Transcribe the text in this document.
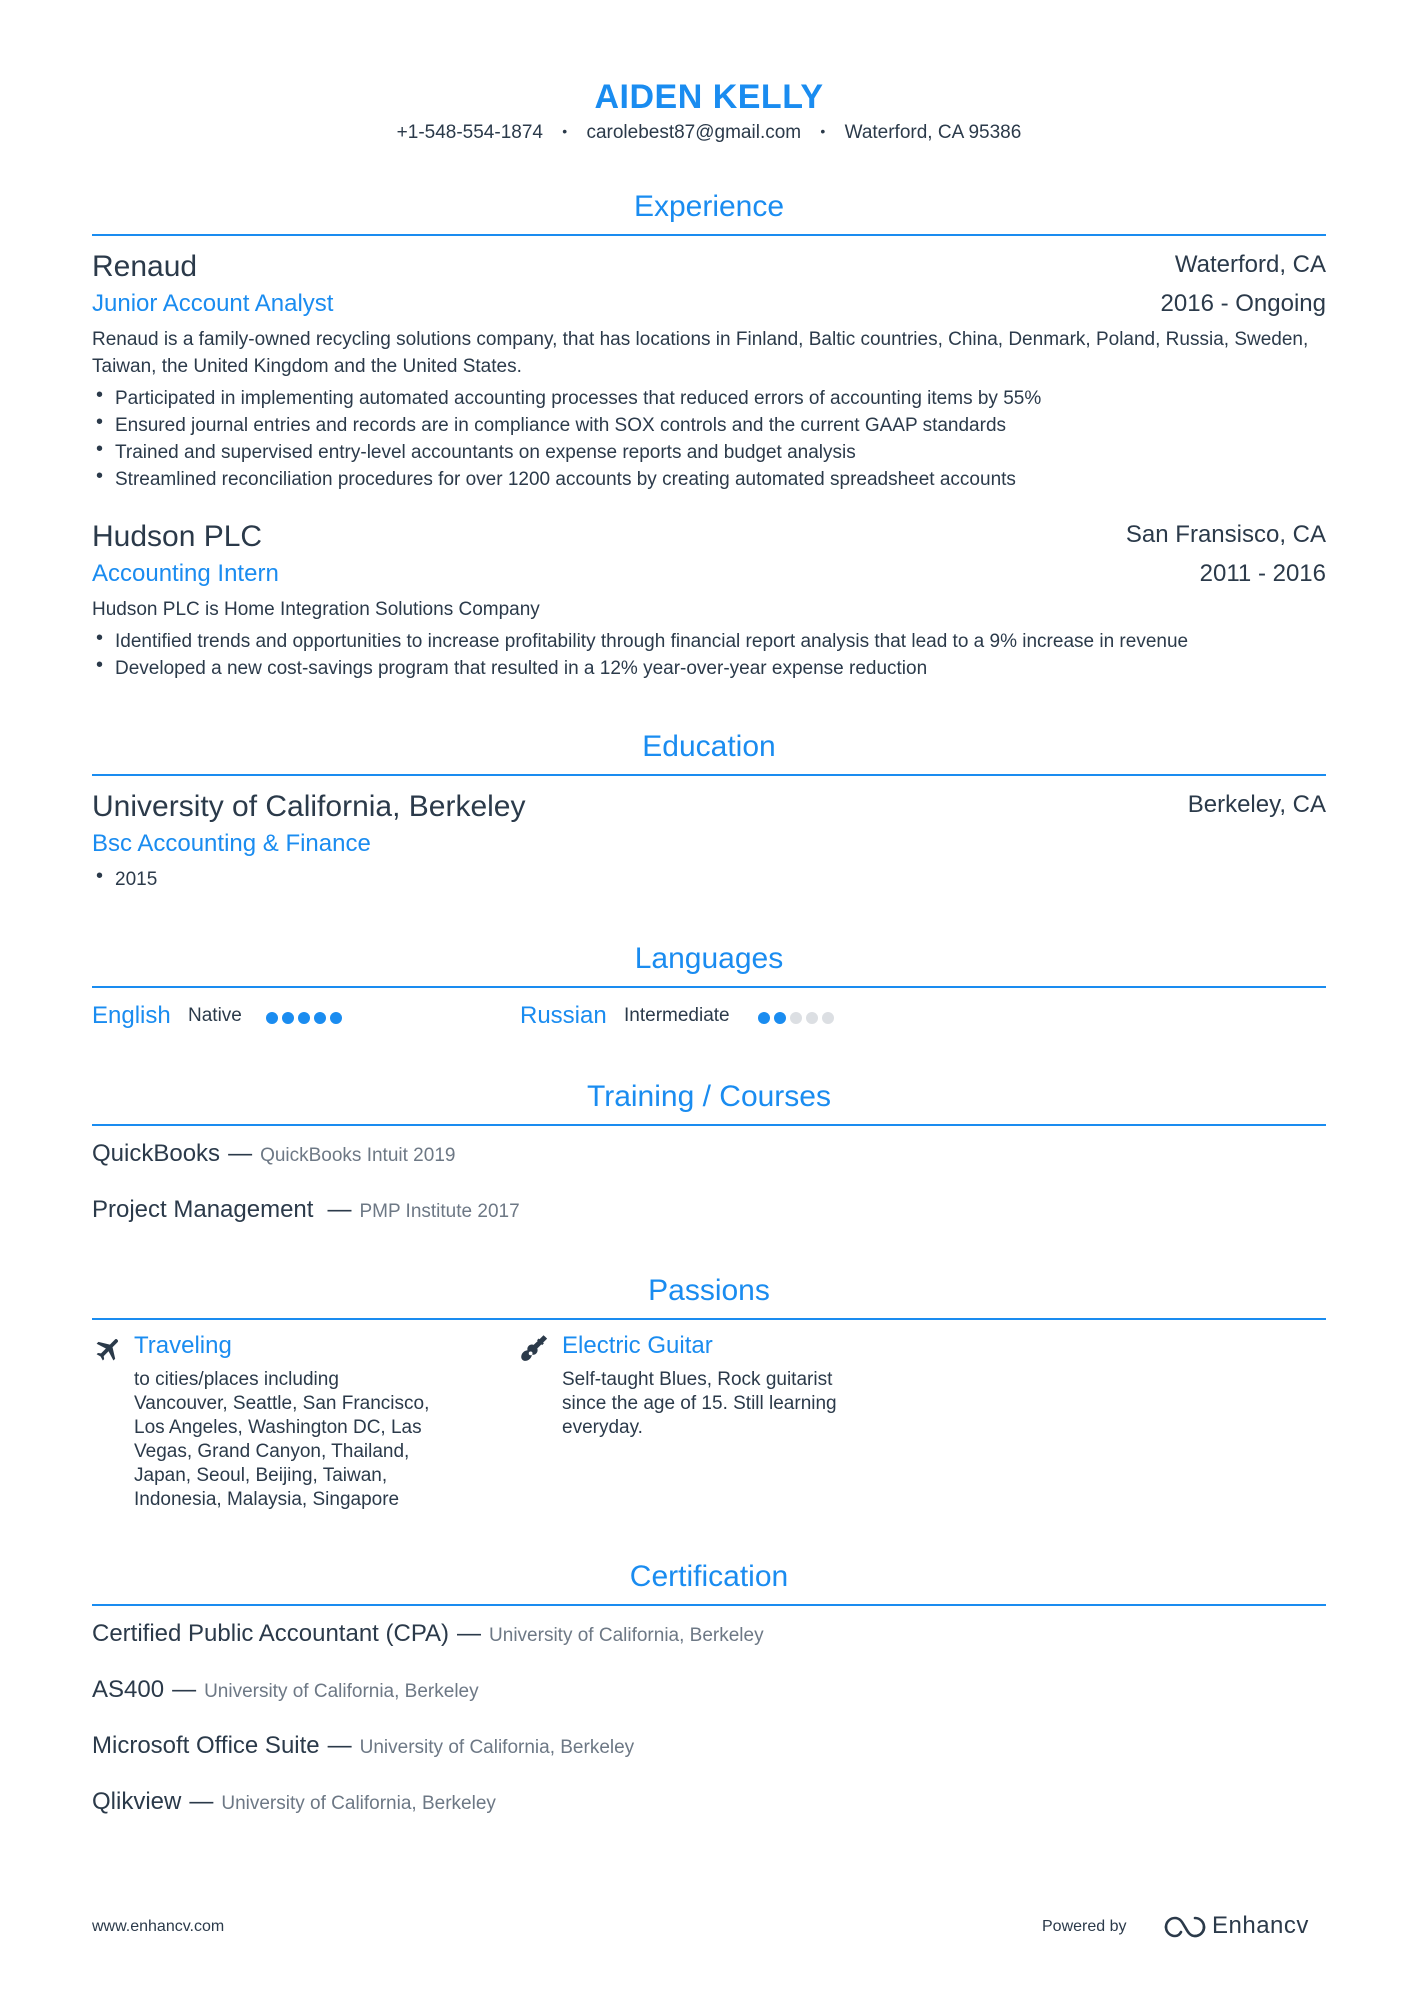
AIDEN KELLY
+1-548-554-1874 • carolebest87@gmail.com • Waterford, CA 95386
Experience
Renaud	Waterford, CA
Junior Account Analyst	2016 - Ongoing
Renaud is a family-owned recycling solutions company, that has locations in Finland, Baltic countries, China, Denmark, Poland, Russia, Sweden, Taiwan, the United Kingdom and the United States.
• Participated in implementing automated accounting processes that reduced errors of accounting items by 55%
• Ensured journal entries and records are in compliance with SOX controls and the current GAAP standards
• Trained and supervised entry-level accountants on expense reports and budget analysis
• Streamlined reconciliation procedures for over 1200 accounts by creating automated spreadsheet accounts
Hudson PLC	San Fransisco, CA
Accounting Intern	2011 - 2016
Hudson PLC is Home Integration Solutions Company
• Identified trends and opportunities to increase profitability through financial report analysis that lead to a 9% increase in revenue
• Developed a new cost-savings program that resulted in a 12% year-over-year expense reduction
Education
University of California, Berkeley	Berkeley, CA
Bsc Accounting & Finance
• 2015
Languages
English Native	Russian Intermediate
Training / Courses
QuickBooks — QuickBooks Intuit 2019
Project Management — PMP Institute 2017
Passions
Traveling
to cities/places including
Vancouver, Seattle, San Francisco,
Los Angeles, Washington DC, Las
Vegas, Grand Canyon, Thailand,
Japan, Seoul, Beijing, Taiwan,
Indonesia, Malaysia, Singapore
Electric Guitar
Self-taught Blues, Rock guitarist
since the age of 15. Still learning
everyday.
Certification
Certified Public Accountant (CPA) — University of California, Berkeley
AS400 — University of California, Berkeley
Microsoft Office Suite — University of California, Berkeley
Qlikview — University of California, Berkeley
www.enhancv.com	Powered by	Enhancv
